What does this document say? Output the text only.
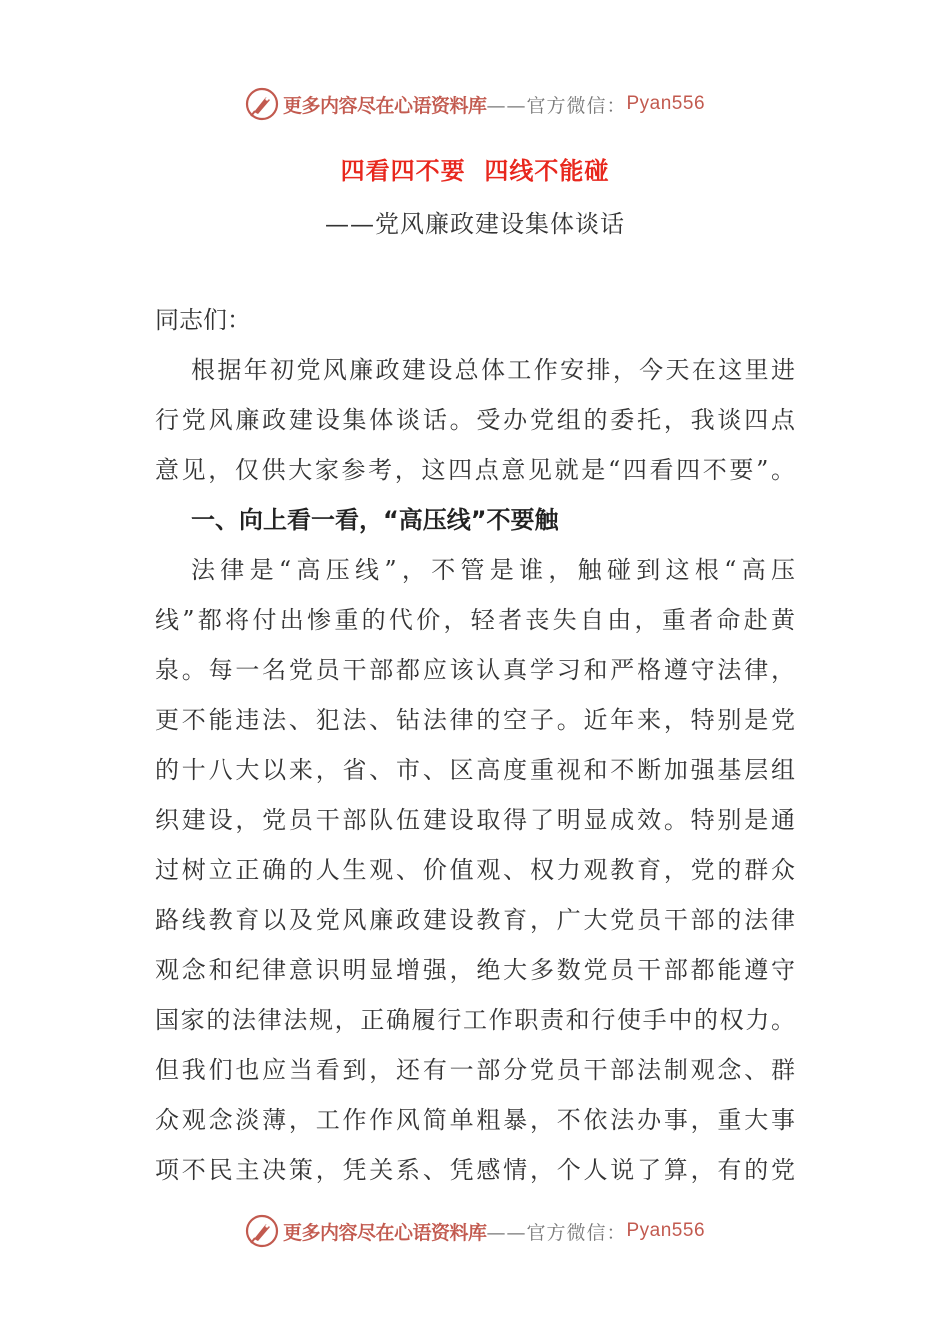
更多内容尽在心语资料库 ——官方微信： Pyan556
四看四不要  四线不能碰
——党风廉政建设集体谈话
同志们：
根据年初党风廉政建设总体工作安排，今天在这里进
行党风廉政建设集体谈话。受办党组的委托，我谈四点
意见，仅供大家参考，这四点意见就是“四看四不要”。
一、向上看一看，“高压线”不要触
法律是“高压线”，不管是谁，触碰到这根“高压
线”都将付出惨重的代价，轻者丧失自由，重者命赴黄
泉。每一名党员干部都应该认真学习和严格遵守法律，
更不能违法、犯法、钻法律的空子。近年来，特别是党
的十八大以来，省、市、区高度重视和不断加强基层组
织建设，党员干部队伍建设取得了明显成效。特别是通
过树立正确的人生观、价值观、权力观教育，党的群众
路线教育以及党风廉政建设教育，广大党员干部的法律
观念和纪律意识明显增强，绝大多数党员干部都能遵守
国家的法律法规，正确履行工作职责和行使手中的权力。
但我们也应当看到，还有一部分党员干部法制观念、群
众观念淡薄，工作作风简单粗暴，不依法办事，重大事
项不民主决策，凭关系、凭感情，个人说了算，有的党
更多内容尽在心语资料库 ——官方微信： Pyan556
